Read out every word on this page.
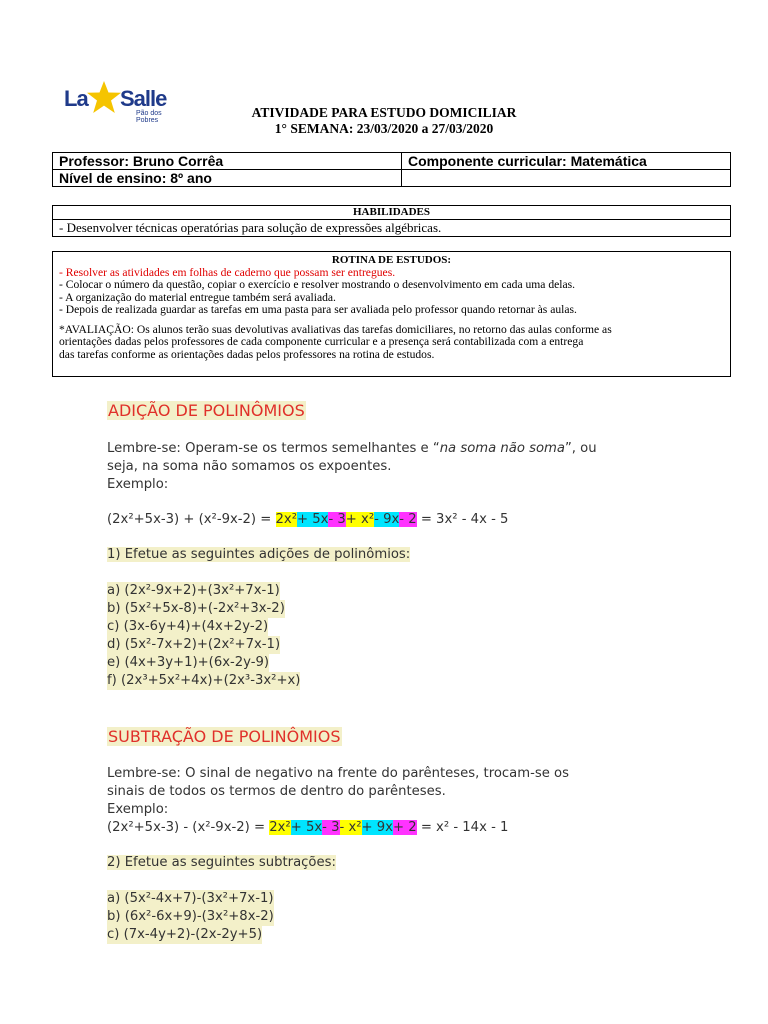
La Salle
Pão dos Pobres
ATIVIDADE PARA ESTUDO DOMICILIAR
1° SEMANA: 23/03/2020 a 27/03/2020
Professor: Bruno Corrêa	Componente curricular: Matemática
Nível de ensino: 8º ano	
HABILIDADES
- Desenvolver técnicas operatórias para solução de expressões algébricas.
ROTINA DE ESTUDOS:
- Resolver as atividades em folhas de caderno que possam ser entregues.
- Colocar o número da questão, copiar o exercício e resolver mostrando o desenvolvimento em cada uma delas.
- A organização do material entregue também será avaliada.
- Depois de realizada guardar as tarefas em uma pasta para ser avaliada pelo professor quando retornar às aulas.
*AVALIAÇÃO: Os alunos terão suas devolutivas avaliativas das tarefas domiciliares, no retorno das aulas conforme as
orientações dadas pelos professores de cada componente curricular e a presença será contabilizada com a entrega
das tarefas conforme as orientações dadas pelos professores na rotina de estudos.
ADIÇÃO DE POLINÔMIOS
Lembre-se: Operam-se os termos semelhantes e “na soma não soma”, ou
seja, na soma não somamos os expoentes.
Exemplo:
(2x²+5x-3) + (x²-9x-2) = 2x²+ 5x- 3+ x²- 9x- 2 = 3x² - 4x - 5
1) Efetue as seguintes adições de polinômios:
a) (2x²-9x+2)+(3x²+7x-1)
b) (5x²+5x-8)+(-2x²+3x-2)
c) (3x-6y+4)+(4x+2y-2)
d) (5x²-7x+2)+(2x²+7x-1)
e) (4x+3y+1)+(6x-2y-9)
f) (2x³+5x²+4x)+(2x³-3x²+x)
SUBTRAÇÃO DE POLINÔMIOS
Lembre-se: O sinal de negativo na frente do parênteses, trocam-se os
sinais de todos os termos de dentro do parênteses.
Exemplo:
(2x²+5x-3) - (x²-9x-2) = 2x²+ 5x- 3- x²+ 9x+ 2 = x² - 14x - 1
2) Efetue as seguintes subtrações:
a) (5x²-4x+7)-(3x²+7x-1)
b) (6x²-6x+9)-(3x²+8x-2)
c) (7x-4y+2)-(2x-2y+5)
